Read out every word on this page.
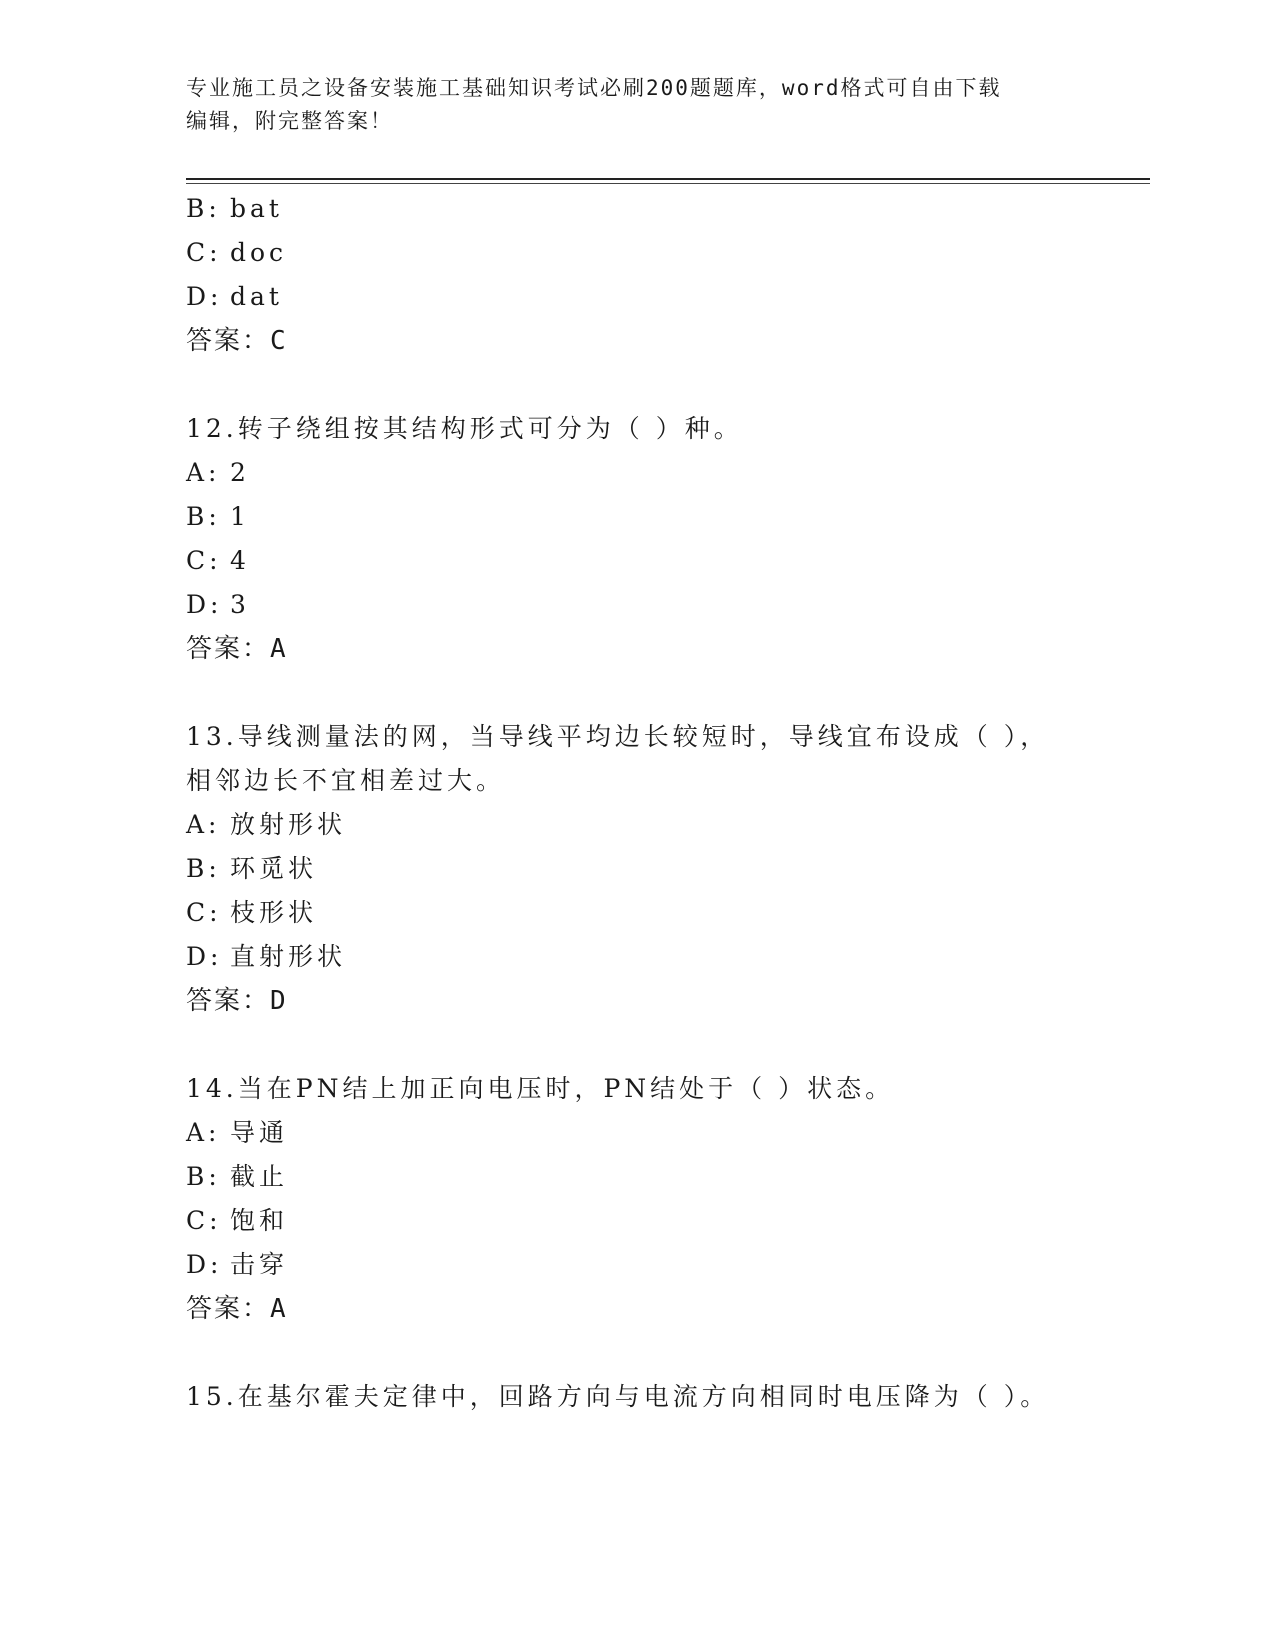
专业施工员之设备安装施工基础知识考试必刷200题题库，word格式可自由下载
编辑，附完整答案！
B: bat
C: doc
D: dat
答案：C
12.转子绕组按其结构形式可分为（ ）种。
A: 2
B: 1
C: 4
D: 3
答案：A
13.导线测量法的网，当导线平均边长较短时，导线宜布设成（ ），
相邻边长不宜相差过大。
A: 放射形状
B: 环觅状
C: 枝形状
D: 直射形状
答案：D
14.当在PN结上加正向电压时，PN结处于（ ）状态。
A: 导通
B: 截止
C: 饱和
D: 击穿
答案：A
15.在基尔霍夫定律中，回路方向与电流方向相同时电压降为（ ）。
